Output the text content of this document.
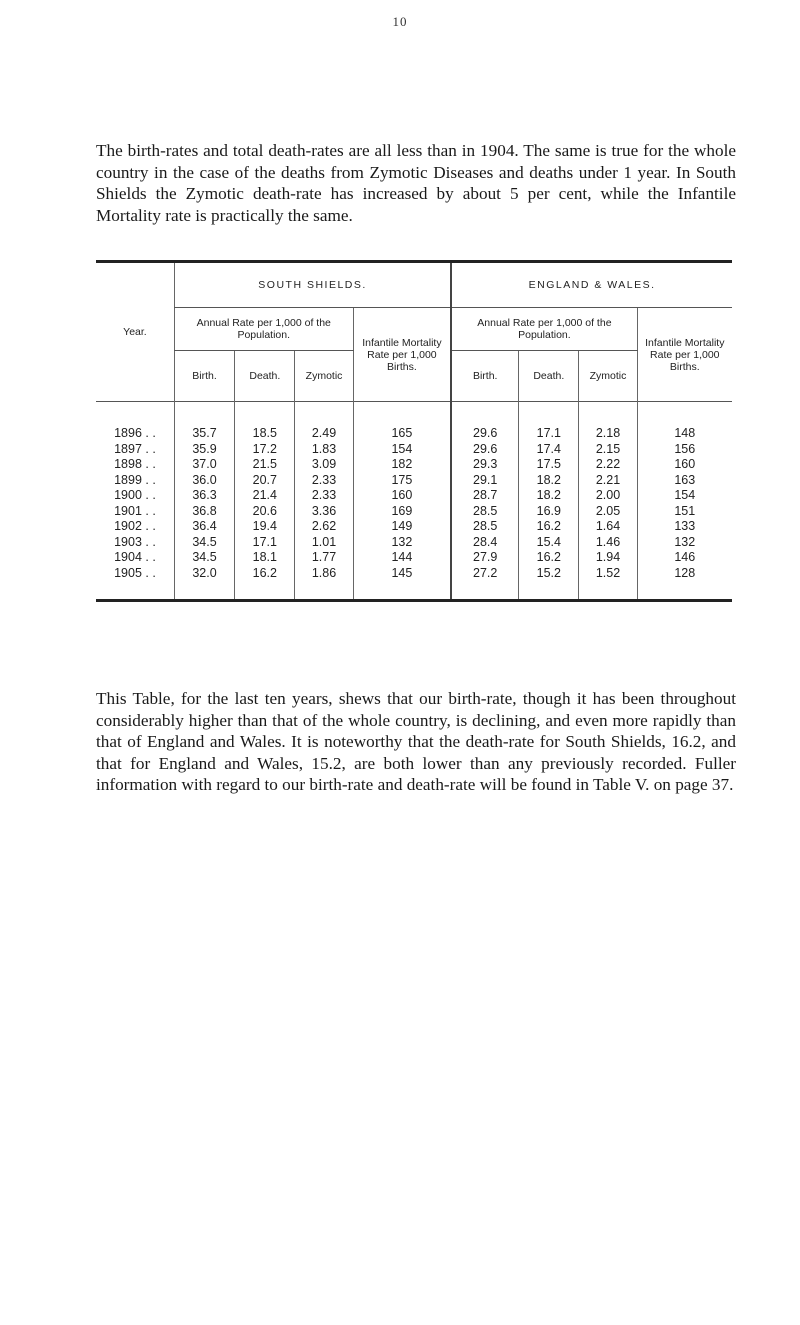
10

The birth-rates and total death-rates are all less than in 1904. The same is true for the whole country in the case of the deaths from Zymotic Diseases and deaths under 1 year. In South Shields the Zymotic death-rate has increased by about 5 per cent, while the Infantile Mortality rate is practically the same.

Year.	SOUTH SHIELDS.				ENGLAND & WALES.			
	Annual Rate per 1,000 of the Population.			Infantile Mortality Rate per 1,000 Births.	Annual Rate per 1,000 of the Population.			Infantile Mortality Rate per 1,000 Births.
	Birth.	Death.	Zymotic		Birth.	Death.	Zymotic	

1896 . .	35.7	18.5	2.49	165	29.6	17.1	2.18	148
1897 . .	35.9	17.2	1.83	154	29.6	17.4	2.15	156
1898 . .	37.0	21.5	3.09	182	29.3	17.5	2.22	160
1899 . .	36.0	20.7	2.33	175	29.1	18.2	2.21	163
1900 . .	36.3	21.4	2.33	160	28.7	18.2	2.00	154
1901 . .	36.8	20.6	3.36	169	28.5	16.9	2.05	151
1902 . .	36.4	19.4	2.62	149	28.5	16.2	1.64	133
1903 . .	34.5	17.1	1.01	132	28.4	15.4	1.46	132
1904 . .	34.5	18.1	1.77	144	27.9	16.2	1.94	146
1905 . .	32.0	16.2	1.86	145	27.2	15.2	1.52	128

This Table, for the last ten years, shews that our birth-rate, though it has been throughout considerably higher than that of the whole country, is declining, and even more rapidly than that of England and Wales. It is noteworthy that the death-rate for South Shields, 16.2, and that for England and Wales, 15.2, are both lower than any previously recorded. Fuller information with regard to our birth-rate and death-rate will be found in Table V. on page 37.
